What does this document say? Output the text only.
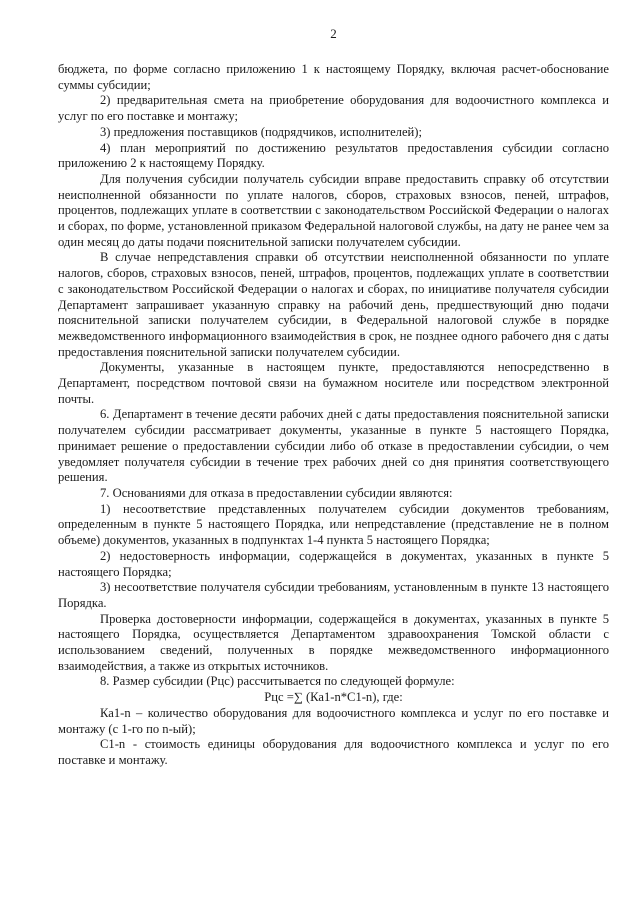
2

бюджета, по форме согласно приложению 1 к настоящему Порядку, включая расчет-обоснование суммы субсидии;

2) предварительная смета на приобретение оборудования для водоочистного комплекса и услуг по его поставке и монтажу;

3) предложения поставщиков (подрядчиков, исполнителей);

4) план мероприятий по достижению результатов предоставления субсидии согласно приложению 2 к настоящему Порядку.

Для получения субсидии получатель субсидии вправе предоставить справку об отсутствии неисполненной обязанности по уплате налогов, сборов, страховых взносов, пеней, штрафов, процентов, подлежащих уплате в соответствии с законодательством Российской Федерации о налогах и сборах, по форме, установленной приказом Федеральной налоговой службы, на дату не ранее чем за один месяц до даты подачи пояснительной записки получателем субсидии.

В случае непредставления справки об отсутствии неисполненной обязанности по уплате налогов, сборов, страховых взносов, пеней, штрафов, процентов, подлежащих уплате в соответствии с законодательством Российской Федерации о налогах и сборах, по инициативе получателя субсидии Департамент запрашивает указанную справку на рабочий день, предшествующий дню подачи пояснительной записки получателем субсидии, в Федеральной налоговой службе в порядке межведомственного информационного взаимодействия в срок, не позднее одного рабочего дня с даты предоставления пояснительной записки получателем субсидии.

Документы, указанные в настоящем пункте, предоставляются непосредственно в Департамент, посредством почтовой связи на бумажном носителе или посредством электронной почты.

6. Департамент в течение десяти рабочих дней с даты предоставления пояснительной записки получателем субсидии рассматривает документы, указанные в пункте 5 настоящего Порядка, принимает решение о предоставлении субсидии либо об отказе в предоставлении субсидии, о чем уведомляет получателя субсидии в течение трех рабочих дней со дня принятия соответствующего решения.

7. Основаниями для отказа в предоставлении субсидии являются:

1) несоответствие представленных получателем субсидии документов требованиям, определенным в пункте 5 настоящего Порядка, или непредставление (представление не в полном объеме) документов, указанных в подпунктах 1-4 пункта 5 настоящего Порядка;

2) недостоверность информации, содержащейся в документах, указанных в пункте 5 настоящего Порядка;

3) несоответствие получателя субсидии требованиям, установленным в пункте 13 настоящего Порядка.

Проверка достоверности информации, содержащейся в документах, указанных в пункте 5 настоящего Порядка, осуществляется Департаментом здравоохранения Томской области с использованием сведений, полученных в порядке межведомственного информационного взаимодействия, а также из открытых источников.

8. Размер субсидии (Рцс) рассчитывается по следующей формуле:

Рцс =∑ (Ка1-n*С1-n), где:

Ка1-n – количество оборудования для водоочистного комплекса и услуг по его поставке и монтажу (с 1-го по n-ый);

С1-n - стоимость единицы оборудования для водоочистного комплекса и услуг по его поставке и монтажу.
